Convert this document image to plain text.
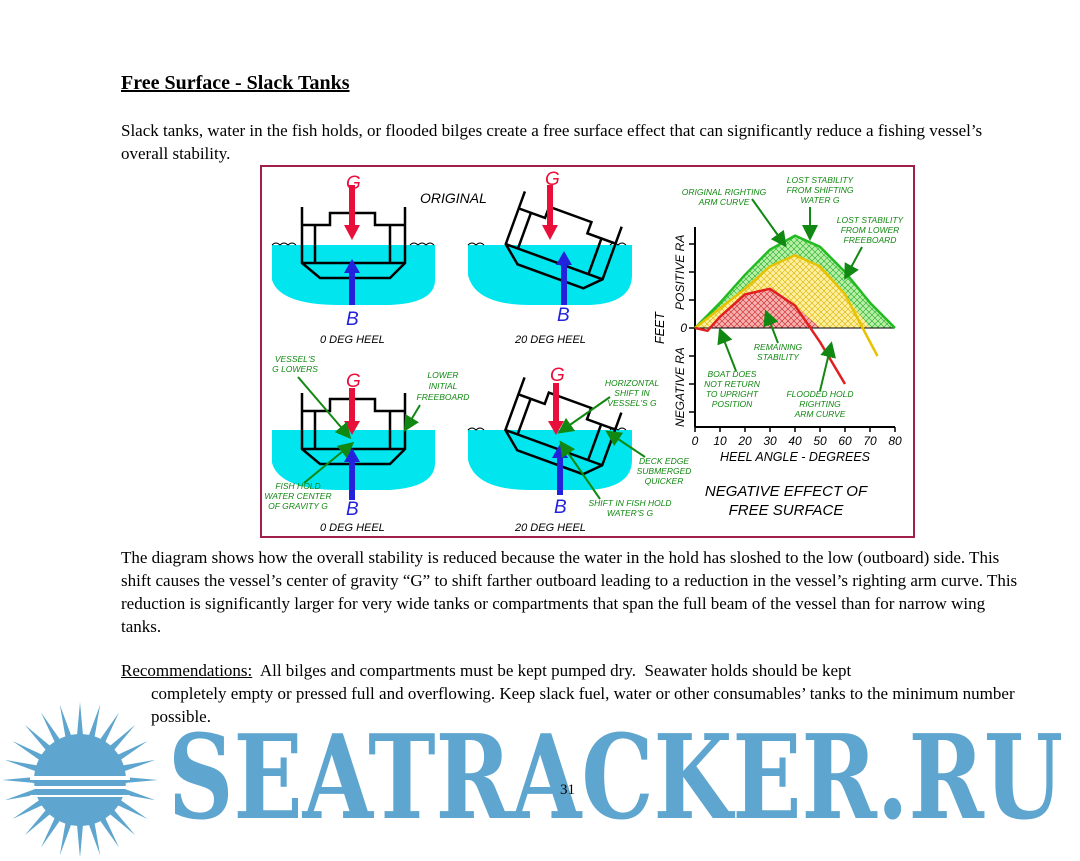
Free Surface - Slack Tanks
Slack tanks, water in the fish holds, or flooded bilges create a free surface effect that can significantly reduce a fishing vessel’s overall stability.
G
B
ORIGINAL
0 DEG HEEL
G
B
20 DEG HEEL
G
B
0 DEG HEEL
G
B
20 DEG HEEL
VESSEL'S
G LOWERS
LOWER
INITIAL
FREEBOARD
HORIZONTAL
SHIFT IN
VESSEL'S G
FISH HOLD
WATER CENTER
OF GRAVITY G
DECK EDGE
SUBMERGED
QUICKER
SHIFT IN FISH HOLD
WATER'S G
0 10 20 30 40 50 60 70 80
0
HEEL ANGLE - DEGREES
FEET
POSITIVE RA
NEGATIVE RA
ORIGINAL RIGHTING
ARM CURVE
LOST STABILITY
FROM SHIFTING
WATER G
LOST STABILITY
FROM LOWER
FREEBOARD
REMAINING
STABILITY
BOAT DOES
NOT RETURN
TO UPRIGHT
POSITION
FLOODED HOLD
RIGHTING
ARM CURVE
NEGATIVE EFFECT OF
FREE SURFACE
The diagram shows how the overall stability is reduced because the water in the hold has sloshed to the low (outboard) side. This shift causes the vessel’s center of gravity “G” to shift farther outboard leading to a reduction in the vessel’s righting arm curve. This reduction is significantly larger for very wide tanks or compartments that span the full beam of the vessel than for narrow wing tanks.
Recommendations:  All bilges and compartments must be kept pumped dry.  Seawater holds should be kept
completely empty or pressed full and overflowing. Keep slack fuel, water or other consumables’ tanks to the minimum number possible.
SEATRACKER.RU
31
